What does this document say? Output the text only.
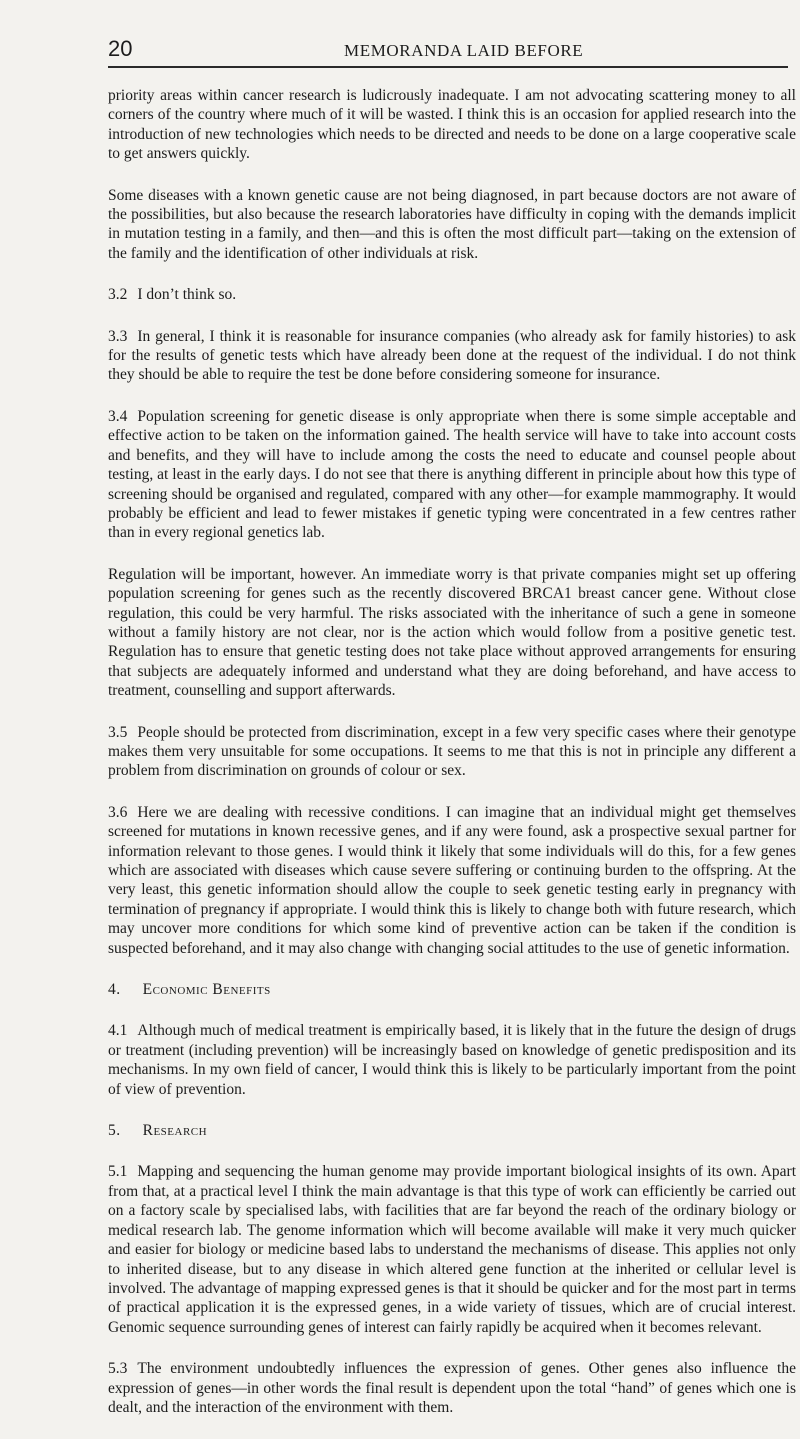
20	MEMORANDA LAID BEFORE

priority areas within cancer research is ludicrously inadequate. I am not advocating scattering money to all corners of the country where much of it will be wasted. I think this is an occasion for applied research into the introduction of new technologies which needs to be directed and needs to be done on a large cooperative scale to get answers quickly.

Some diseases with a known genetic cause are not being diagnosed, in part because doctors are not aware of the possibilities, but also because the research laboratories have difficulty in coping with the demands implicit in mutation testing in a family, and then—and this is often the most difficult part—taking on the extension of the family and the identification of other individuals at risk.

3.2 I don’t think so.

3.3 In general, I think it is reasonable for insurance companies (who already ask for family histories) to ask for the results of genetic tests which have already been done at the request of the individual. I do not think they should be able to require the test be done before considering someone for insurance.

3.4 Population screening for genetic disease is only appropriate when there is some simple acceptable and effective action to be taken on the information gained. The health service will have to take into account costs and benefits, and they will have to include among the costs the need to educate and counsel people about testing, at least in the early days. I do not see that there is anything different in principle about how this type of screening should be organised and regulated, compared with any other—for example mammography. It would probably be efficient and lead to fewer mistakes if genetic typing were concentrated in a few centres rather than in every regional genetics lab.

Regulation will be important, however. An immediate worry is that private companies might set up offering population screening for genes such as the recently discovered BRCA1 breast cancer gene. Without close regulation, this could be very harmful. The risks associated with the inheritance of such a gene in someone without a family history are not clear, nor is the action which would follow from a positive genetic test. Regulation has to ensure that genetic testing does not take place without approved arrangements for ensuring that subjects are adequately informed and understand what they are doing beforehand, and have access to treatment, counselling and support afterwards.

3.5 People should be protected from discrimination, except in a few very specific cases where their genotype makes them very unsuitable for some occupations. It seems to me that this is not in principle any different a problem from discrimination on grounds of colour or sex.

3.6 Here we are dealing with recessive conditions. I can imagine that an individual might get themselves screened for mutations in known recessive genes, and if any were found, ask a prospective sexual partner for information relevant to those genes. I would think it likely that some individuals will do this, for a few genes which are associated with diseases which cause severe suffering or continuing burden to the offspring. At the very least, this genetic information should allow the couple to seek genetic testing early in pregnancy with termination of pregnancy if appropriate. I would think this is likely to change both with future research, which may uncover more conditions for which some kind of preventive action can be taken if the condition is suspected beforehand, and it may also change with changing social attitudes to the use of genetic information.

4. Economic Benefits

4.1 Although much of medical treatment is empirically based, it is likely that in the future the design of drugs or treatment (including prevention) will be increasingly based on knowledge of genetic predisposition and its mechanisms. In my own field of cancer, I would think this is likely to be particularly important from the point of view of prevention.

5. Research

5.1 Mapping and sequencing the human genome may provide important biological insights of its own. Apart from that, at a practical level I think the main advantage is that this type of work can efficiently be carried out on a factory scale by specialised labs, with facilities that are far beyond the reach of the ordinary biology or medical research lab. The genome information which will become available will make it very much quicker and easier for biology or medicine based labs to understand the mechanisms of disease. This applies not only to inherited disease, but to any disease in which altered gene function at the inherited or cellular level is involved. The advantage of mapping expressed genes is that it should be quicker and for the most part in terms of practical application it is the expressed genes, in a wide variety of tissues, which are of crucial interest. Genomic sequence surrounding genes of interest can fairly rapidly be acquired when it becomes relevant.

5.3 The environment undoubtedly influences the expression of genes. Other genes also influence the expression of genes—in other words the final result is dependent upon the total “hand” of genes which one is dealt, and the interaction of the environment with them.
